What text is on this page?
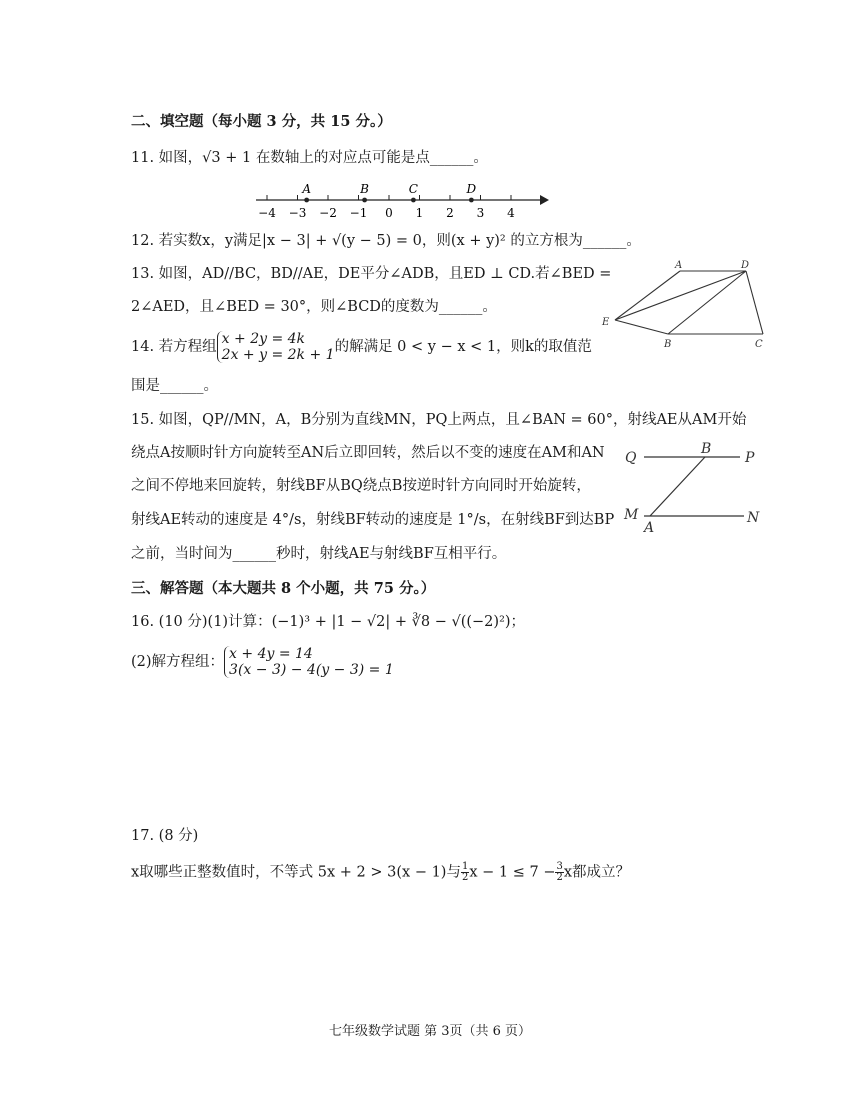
二、填空题（每小题 3 分，共 15 分。）
11. 如图，√3 + 1 在数轴上的对应点可能是点______。
−4 −3 −2 −1 0 1 2 3 4
A	B	C	D
12. 若实数x，y满足|x − 3| + √(y − 5) = 0，则(x + y)² 的立方根为______。
13. 如图，AD//BC，BD//AE，DE平分∠ADB，且ED ⊥ CD.若∠BED =
2∠AED，且∠BED = 30°，则∠BCD的度数为______。
A	D
E
B	C
14. 若方程组 x + 2y = 4k
2x + y = 2k + 1的解满足 0 < y − x < 1，则k的取值范
围是______。
15. 如图，QP//MN，A，B分别为直线MN，PQ上两点，且∠BAN = 60°，射线AE从AM开始
绕点A按顺时针方向旋转至AN后立即回转，然后以不变的速度在AM和AN
之间不停地来回旋转，射线BF从BQ绕点B按逆时针方向同时开始旋转，
射线AE转动的速度是 4°/s，射线BF转动的速度是 1°/s，在射线BF到达BP
之前，当时间为______秒时，射线AE与射线BF互相平行。
Q
B
P
M
A
N
三、解答题（本大题共 8 个小题，共 75 分。）
16. (10 分)(1)计算：(−1)³ + |1 − √2| + ∛8 − √((−2)²)；
(2)解方程组： x + 4y = 14
3(x − 3) − 4(y − 3) = 1
17. (8 分)
x取哪些正整数值时，不等式 5x + 2 > 3(x − 1)与 $\frac{1}{2}$ $x - 1 \le 7 - \frac{3}{2}$ x都成立？
七年级数学试题 第 3页（共 6 页）
